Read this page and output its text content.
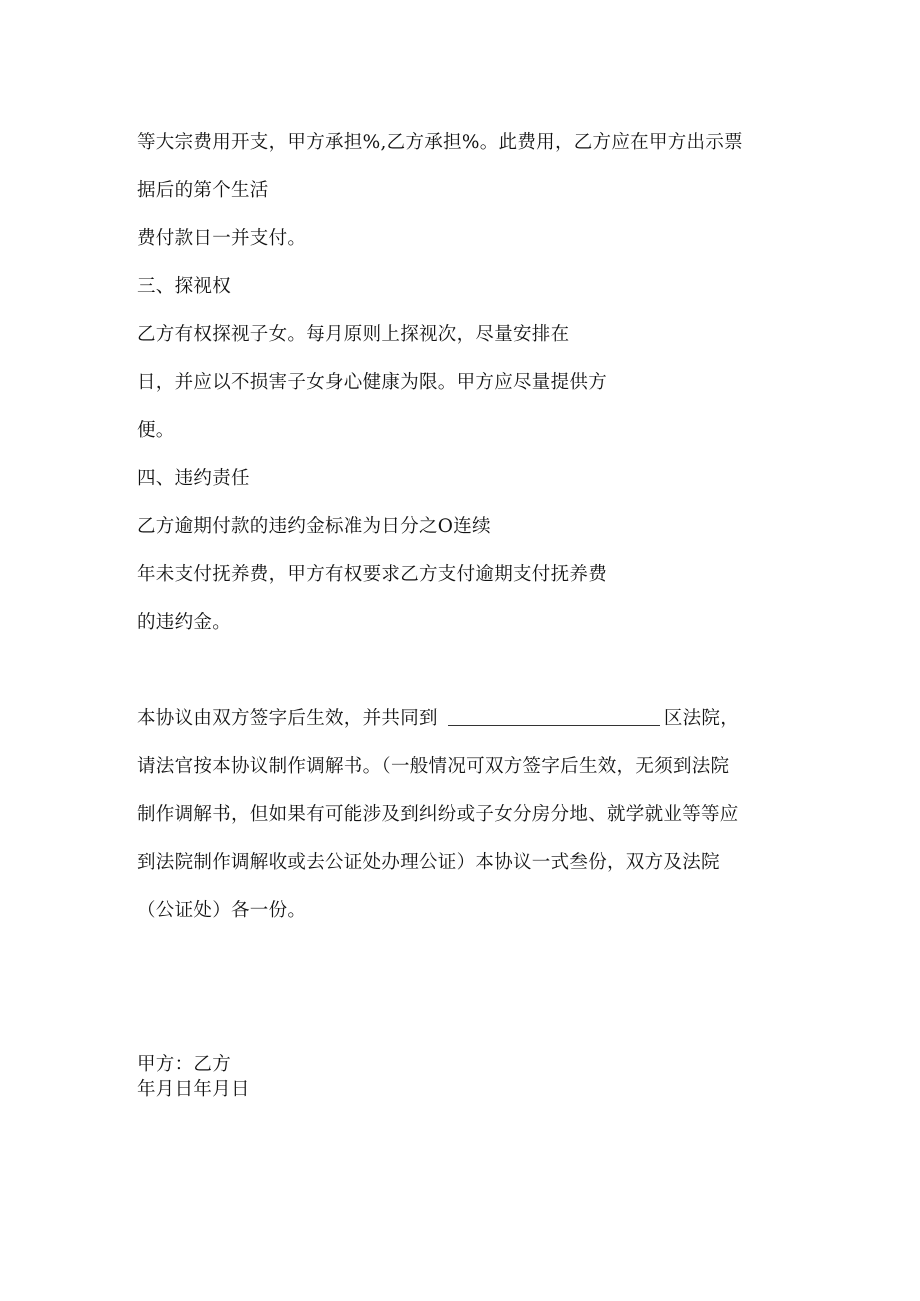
等大宗费用开支，甲方承担%,乙方承担%。此费用，乙方应在甲方出示票
据后的第个生活
费付款日一并支付。
三、探视权
乙方有权探视子女。每月原则上探视次，尽量安排在
日，并应以不损害子女身心健康为限。甲方应尽量提供方
便。
四、违约责任
乙方逾期付款的违约金标准为日分之O连续
年未支付抚养费，甲方有权要求乙方支付逾期支付抚养费
的违约金。
本协议由双方签字后生效，并共同到	区法院，
请法官按本协议制作调解书。（一般情况可双方签字后生效，无须到法院
制作调解书，但如果有可能涉及到纠纷或子女分房分地、就学就业等等应
到法院制作调解收或去公证处办理公证）本协议一式叁份，双方及法院
（公证处）各一份。
甲方：乙方
年月日年月日
